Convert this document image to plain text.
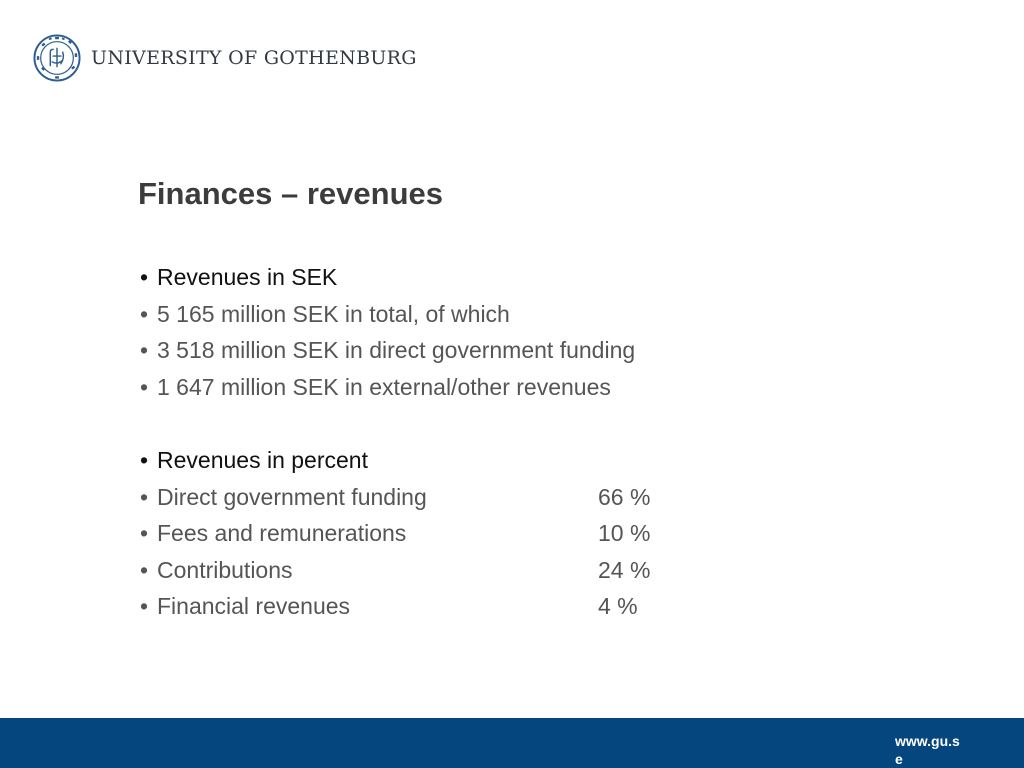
UNIVERSITY OF GOTHENBURG
Finances – revenues
• Revenues in SEK
• 5 165 million SEK in total, of which
• 3 518 million SEK in direct government funding
• 1 647 million SEK in external/other revenues
• Revenues in percent
• Direct government funding	66 %
• Fees and remunerations	10 %
• Contributions	24 %
• Financial revenues	4 %
www.gu.se
